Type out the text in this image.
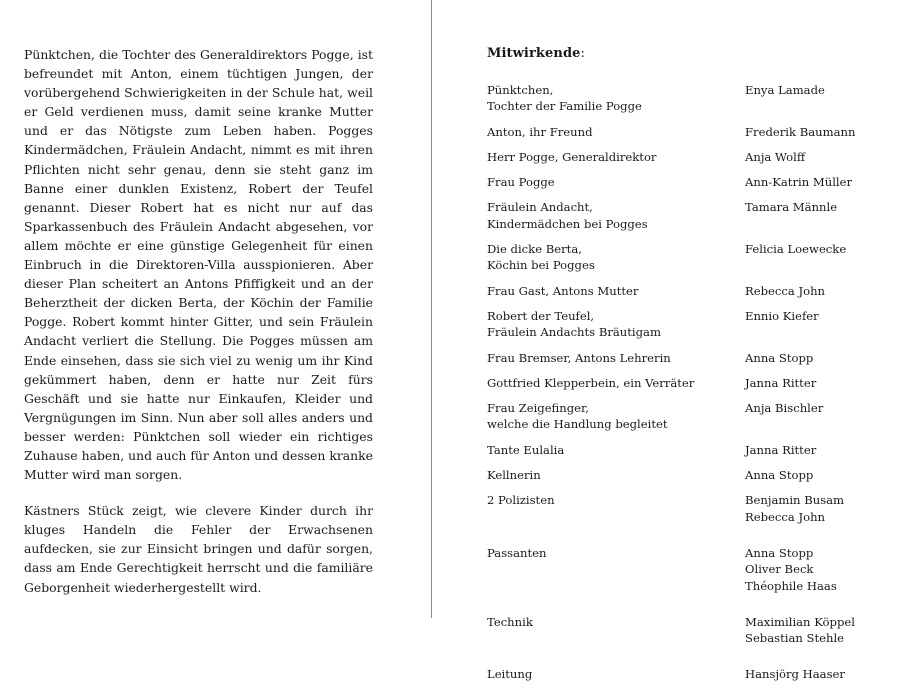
Pünktchen, die Tochter des Generaldirektors Pogge, ist befreundet mit Anton, einem tüchtigen Jungen, der vorübergehend Schwierigkeiten in der Schule hat, weil er Geld verdienen muss, damit seine kranke Mutter und er das Nötigste zum Leben haben. Pogges Kindermädchen, Fräulein Andacht, nimmt es mit ihren Pflichten nicht sehr genau, denn sie steht ganz im Banne einer dunklen Existenz, Robert der Teufel genannt. Dieser Robert hat es nicht nur auf das Sparkassenbuch des Fräulein Andacht abgesehen, vor allem möchte er eine günstige Gelegenheit für einen Einbruch in die Direktoren-Villa ausspionieren. Aber dieser Plan scheitert an Antons Pfiffigkeit und an der Beherztheit der dicken Berta, der Köchin der Familie Pogge. Robert kommt hinter Gitter, und sein Fräulein Andacht verliert die Stellung. Die Pogges müssen am Ende einsehen, dass sie sich viel zu wenig um ihr Kind gekümmert haben, denn er hatte nur Zeit fürs Geschäft und sie hatte nur Einkaufen, Kleider und Vergnügungen im Sinn. Nun aber soll alles anders und besser werden: Pünktchen soll wieder ein richtiges Zuhause haben, und auch für Anton und dessen kranke Mutter wird man sorgen.

Kästners Stück zeigt, wie clevere Kinder durch ihr kluges Handeln die Fehler der Erwachsenen aufdecken, sie zur Einsicht bringen und dafür sorgen, dass am Ende Gerechtigkeit herrscht und die familiäre Geborgenheit wiederhergestellt wird.

Mitwirkende:
Pünktchen,
Tochter der Familie Pogge	Enya Lamade

Anton, ihr Freund	Frederik Baumann

Herr Pogge, Generaldirektor	Anja Wolff

Frau Pogge	Ann-Katrin Müller

Fräulein Andacht,
Kindermädchen bei Pogges	Tamara Männle

Die dicke Berta,
Köchin bei Pogges	Felicia Loewecke

Frau Gast, Antons Mutter	Rebecca John

Robert der Teufel,
Fräulein Andachts Bräutigam	Ennio Kiefer

Frau Bremser, Antons Lehrerin	Anna Stopp

Gottfried Klepperbein, ein Verräter	Janna Ritter

Frau Zeigefinger,
welche die Handlung begleitet	Anja Bischler

Tante Eulalia	Janna Ritter

Kellnerin	Anna Stopp

2 Polizisten	Benjamin Busam
Rebecca John

Passanten	Anna Stopp
Oliver Beck
Théophile Haas

Technik	Maximilian Köppel
Sebastian Stehle

Leitung	Hansjörg Haaser
